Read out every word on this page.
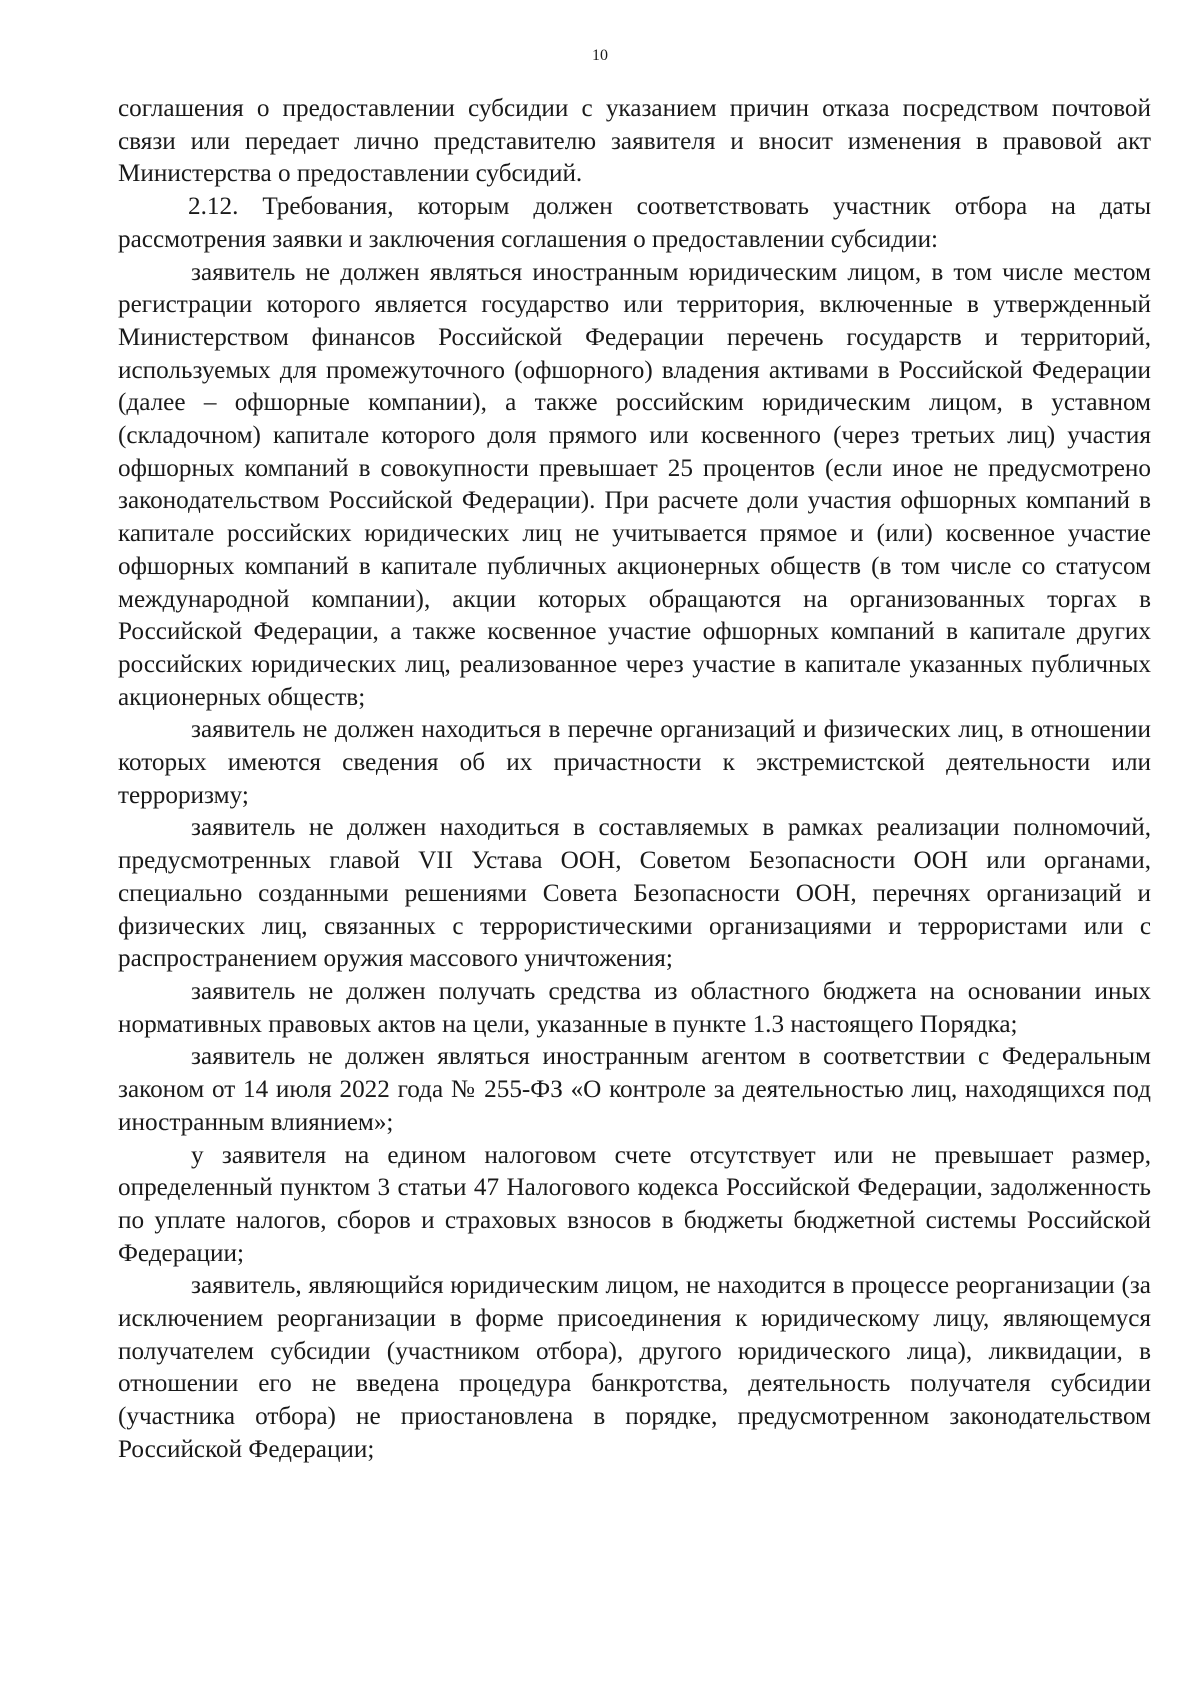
10

соглашения о предоставлении субсидии с указанием причин отказа посредством почтовой связи или передает лично представителю заявителя и вносит изменения в правовой акт Министерства о предоставлении субсидий.

2.12. Требования, которым должен соответствовать участник отбора на даты рассмотрения заявки и заключения соглашения о предоставлении субсидии:

заявитель не должен являться иностранным юридическим лицом, в том числе местом регистрации которого является государство или территория, включенные в утвержденный Министерством финансов Российской Федерации перечень государств и территорий, используемых для промежуточного (офшорного) владения активами в Российской Федерации (далее – офшорные компании), а также российским юридическим лицом, в уставном (складочном) капитале которого доля прямого или косвенного (через третьих лиц) участия офшорных компаний в совокупности превышает 25 процентов (если иное не предусмотрено законодательством Российской Федерации). При расчете доли участия офшорных компаний в капитале российских юридических лиц не учитывается прямое и (или) косвенное участие офшорных компаний в капитале публичных акционерных обществ (в том числе со статусом международной компании), акции которых обращаются на организованных торгах в Российской Федерации, а также косвенное участие офшорных компаний в капитале других российских юридических лиц, реализованное через участие в капитале указанных публичных акционерных обществ;

заявитель не должен находиться в перечне организаций и физических лиц, в отношении которых имеются сведения об их причастности к экстремистской деятельности или терроризму;

заявитель не должен находиться в составляемых в рамках реализации полномочий, предусмотренных главой VII Устава ООН, Советом Безопасности ООН или органами, специально созданными решениями Совета Безопасности ООН, перечнях организаций и физических лиц, связанных с террористическими организациями и террористами или с распространением оружия массового уничтожения;

заявитель не должен получать средства из областного бюджета на основании иных нормативных правовых актов на цели, указанные в пункте 1.3 настоящего Порядка;

заявитель не должен являться иностранным агентом в соответствии с Федеральным законом от 14 июля 2022 года № 255-ФЗ «О контроле за деятельностью лиц, находящихся под иностранным влиянием»;

у заявителя на едином налоговом счете отсутствует или не превышает размер, определенный пунктом 3 статьи 47 Налогового кодекса Российской Федерации, задолженность по уплате налогов, сборов и страховых взносов в бюджеты бюджетной системы Российской Федерации;

заявитель, являющийся юридическим лицом, не находится в процессе реорганизации (за исключением реорганизации в форме присоединения к юридическому лицу, являющемуся получателем субсидии (участником отбора), другого юридического лица), ликвидации, в отношении его не введена процедура банкротства, деятельность получателя субсидии (участника отбора) не приостановлена в порядке, предусмотренном законодательством Российской Федерации;
